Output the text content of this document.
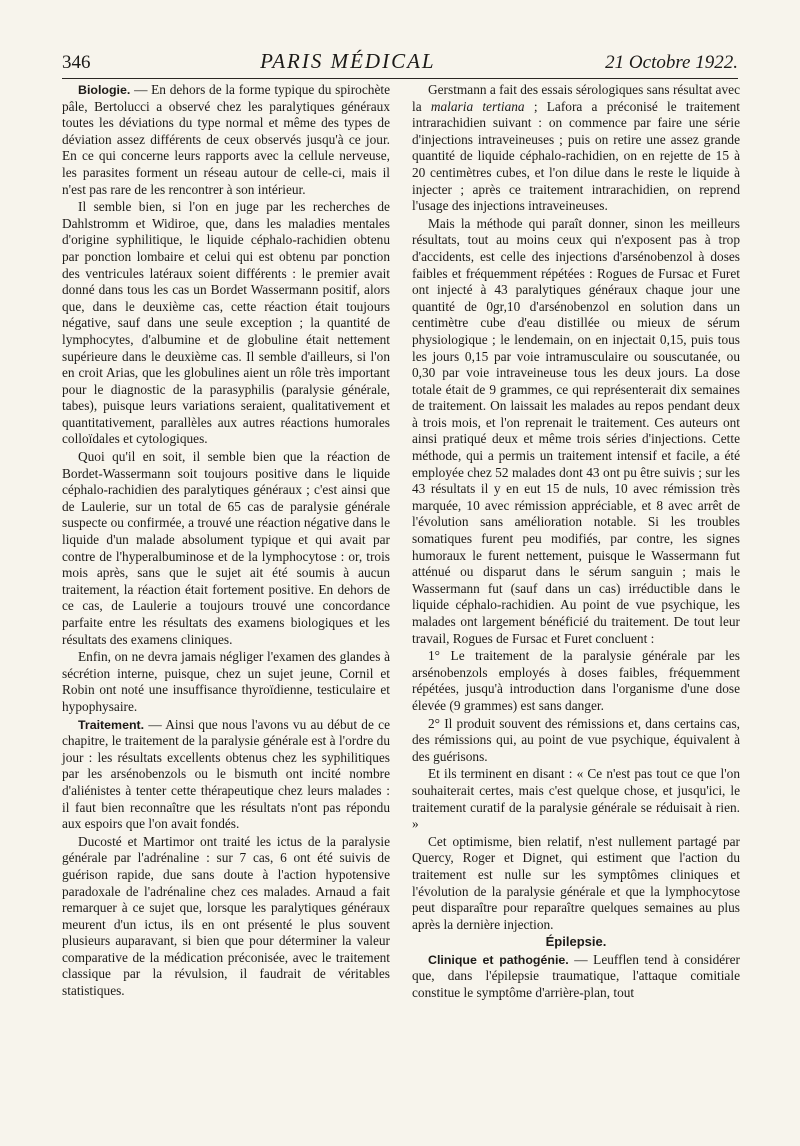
346	PARIS MÉDICAL	21 Octobre 1922.

Biologie. — En dehors de la forme typique du spirochète pâle, Bertolucci a observé chez les paralytiques généraux toutes les déviations du type normal et même des types de déviation assez différents de ceux observés jusqu'à ce jour. En ce qui concerne leurs rapports avec la cellule nerveuse, les parasites forment un réseau autour de celle-ci, mais il n'est pas rare de les rencontrer à son intérieur.

Il semble bien, si l'on en juge par les recherches de Dahlstromm et Widiroe, que, dans les maladies mentales d'origine syphilitique, le liquide céphalo-rachidien obtenu par ponction lombaire et celui qui est obtenu par ponction des ventricules latéraux soient différents : le premier avait donné dans tous les cas un Bordet Wassermann positif, alors que, dans le deuxième cas, cette réaction était toujours négative, sauf dans une seule exception ; la quantité de lymphocytes, d'albumine et de globuline était nettement supérieure dans le deuxième cas. Il semble d'ailleurs, si l'on en croit Arias, que les globulines aient un rôle très important pour le diagnostic de la parasyphilis (paralysie générale, tabes), puisque leurs variations seraient, qualitativement et quantitativement, parallèles aux autres réactions humorales colloïdales et cytologiques.

Quoi qu'il en soit, il semble bien que la réaction de Bordet-Wassermann soit toujours positive dans le liquide céphalo-rachidien des paralytiques généraux ; c'est ainsi que de Laulerie, sur un total de 65 cas de paralysie générale suspecte ou confirmée, a trouvé une réaction négative dans le liquide d'un malade absolument typique et qui avait par contre de l'hyperalbuminose et de la lymphocytose : or, trois mois après, sans que le sujet ait été soumis à aucun traitement, la réaction était fortement positive. En dehors de ce cas, de Laulerie a toujours trouvé une concordance parfaite entre les résultats des examens biologiques et les résultats des examens cliniques.

Enfin, on ne devra jamais négliger l'examen des glandes à sécrétion interne, puisque, chez un sujet jeune, Cornil et Robin ont noté une insuffisance thyroïdienne, testiculaire et hypophysaire.

Traitement. — Ainsi que nous l'avons vu au début de ce chapitre, le traitement de la paralysie générale est à l'ordre du jour : les résultats excellents obtenus chez les syphilitiques par les arsénobenzols ou le bismuth ont incité nombre d'aliénistes à tenter cette thérapeutique chez leurs malades : il faut bien reconnaître que les résultats n'ont pas répondu aux espoirs que l'on avait fondés.

Ducosté et Martimor ont traité les ictus de la paralysie générale par l'adrénaline : sur 7 cas, 6 ont été suivis de guérison rapide, due sans doute à l'action hypotensive paradoxale de l'adrénaline chez ces malades. Arnaud a fait remarquer à ce sujet que, lorsque les paralytiques généraux meurent d'un ictus, ils en ont présenté le plus souvent plusieurs auparavant, si bien que pour déterminer la valeur comparative de la médication préconisée, avec le traitement classique par la révulsion, il faudrait de véritables statistiques.

Gerstmann a fait des essais sérologiques sans résultat avec la malaria tertiana ; Lafora a préconisé le traitement intrarachidien suivant : on commence par faire une série d'injections intraveineuses ; puis on retire une assez grande quantité de liquide céphalo-rachidien, on en rejette de 15 à 20 centimètres cubes, et l'on dilue dans le reste le liquide à injecter ; après ce traitement intrarachidien, on reprend l'usage des injections intraveineuses.

Mais la méthode qui paraît donner, sinon les meilleurs résultats, tout au moins ceux qui n'exposent pas à trop d'accidents, est celle des injections d'arsénobenzol à doses faibles et fréquemment répétées : Rogues de Fursac et Furet ont injecté à 43 paralytiques généraux chaque jour une quantité de 0gr,10 d'arsénobenzol en solution dans un centimètre cube d'eau distillée ou mieux de sérum physiologique ; le lendemain, on en injectait 0,15, puis tous les jours 0,15 par voie intramusculaire ou souscutanée, ou 0,30 par voie intraveineuse tous les deux jours. La dose totale était de 9 grammes, ce qui représenterait dix semaines de traitement. On laissait les malades au repos pendant deux à trois mois, et l'on reprenait le traitement. Ces auteurs ont ainsi pratiqué deux et même trois séries d'injections. Cette méthode, qui a permis un traitement intensif et facile, a été employée chez 52 malades dont 43 ont pu être suivis ; sur les 43 résultats il y en eut 15 de nuls, 10 avec rémission très marquée, 10 avec rémission appréciable, et 8 avec arrêt de l'évolution sans amélioration notable. Si les troubles somatiques furent peu modifiés, par contre, les signes humoraux le furent nettement, puisque le Wassermann fut atténué ou disparut dans le sérum sanguin ; mais le Wassermann fut (sauf dans un cas) irréductible dans le liquide céphalo-rachidien. Au point de vue psychique, les malades ont largement bénéficié du traitement. De tout leur travail, Rogues de Fursac et Furet concluent :

1° Le traitement de la paralysie générale par les arsénobenzols employés à doses faibles, fréquemment répétées, jusqu'à introduction dans l'organisme d'une dose élevée (9 grammes) est sans danger.

2° Il produit souvent des rémissions et, dans certains cas, des rémissions qui, au point de vue psychique, équivalent à des guérisons.

Et ils terminent en disant : « Ce n'est pas tout ce que l'on souhaiterait certes, mais c'est quelque chose, et jusqu'ici, le traitement curatif de la paralysie générale se réduisait à rien. »

Cet optimisme, bien relatif, n'est nullement partagé par Quercy, Roger et Dignet, qui estiment que l'action du traitement est nulle sur les symptômes cliniques et l'évolution de la paralysie générale et que la lymphocytose peut disparaître pour reparaître quelques semaines au plus après la dernière injection.

Épilepsie.

Clinique et pathogénie. — Leufflen tend à considérer que, dans l'épilepsie traumatique, l'attaque comitiale constitue le symptôme d'arrière-plan, tout
